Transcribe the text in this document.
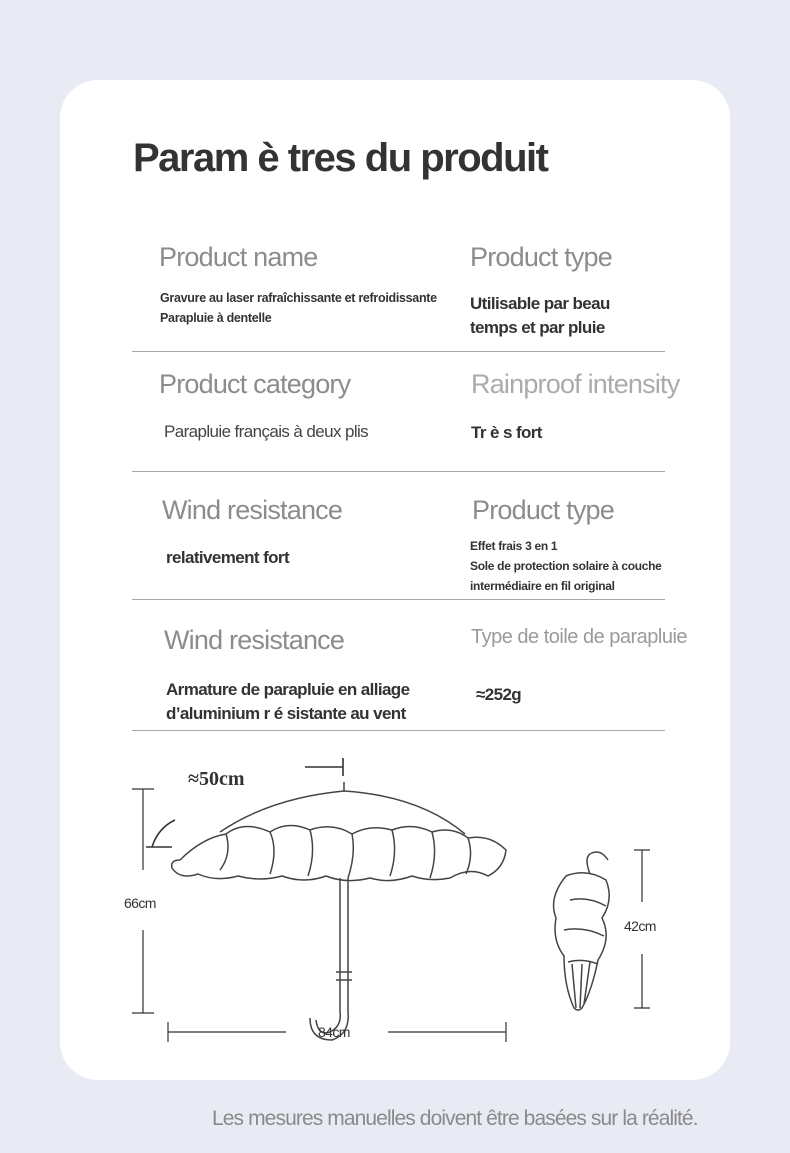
Param è tres du produit
Product name
Gravure au laser rafraîchissante et refroidissante
Parapluie à dentelle
Product type
Utilisable par beau
temps et par pluie
Product category
Parapluie français à deux plis
Rainproof intensity
Tr è s fort
Wind resistance
relativement fort
Product type
Effet frais 3 en 1
Sole de protection solaire à couche
intermédiaire en fil original
Wind resistance
Armature de parapluie en alliage
d’aluminium r é sistante au vent
Type de toile de parapluie
≈252g
≈50cm
66cm
84cm
42cm
Les mesures manuelles doivent être basées sur la réalité.
